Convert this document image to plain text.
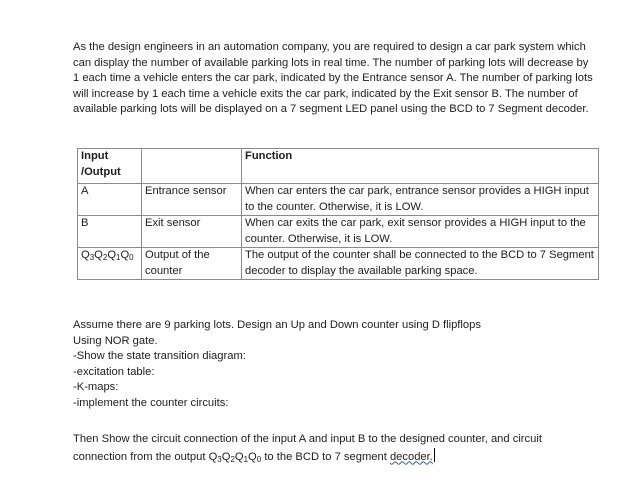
As the design engineers in an automation company, you are required to design a car park system which can display the number of available parking lots in real time. The number of parking lots will decrease by 1 each time a vehicle enters the car park, indicated by the Entrance sensor A. The number of parking lots will increase by 1 each time a vehicle exits the car park, indicated by the Exit sensor B. The number of available parking lots will be displayed on a 7 segment LED panel using the BCD to 7 Segment decoder.

Input /Output		Function
A	Entrance sensor	When car enters the car park, entrance sensor provides a HIGH input to the counter. Otherwise, it is LOW.
B	Exit sensor	When car exits the car park, exit sensor provides a HIGH input to the counter. Otherwise, it is LOW.
Q3Q2Q1Q0	Output of the counter	The output of the counter shall be connected to the BCD to 7 Segment decoder to display the available parking space.
Assume there are 9 parking lots. Design an Up and Down counter using D flipflops
Using NOR gate.
-Show the state transition diagram:
-excitation table:
-K-maps:
-implement the counter circuits:

Then Show the circuit connection of the input A and input B to the designed counter, and circuit connection from the output Q3Q2Q1Q0 to the BCD to 7 segment decoder.
